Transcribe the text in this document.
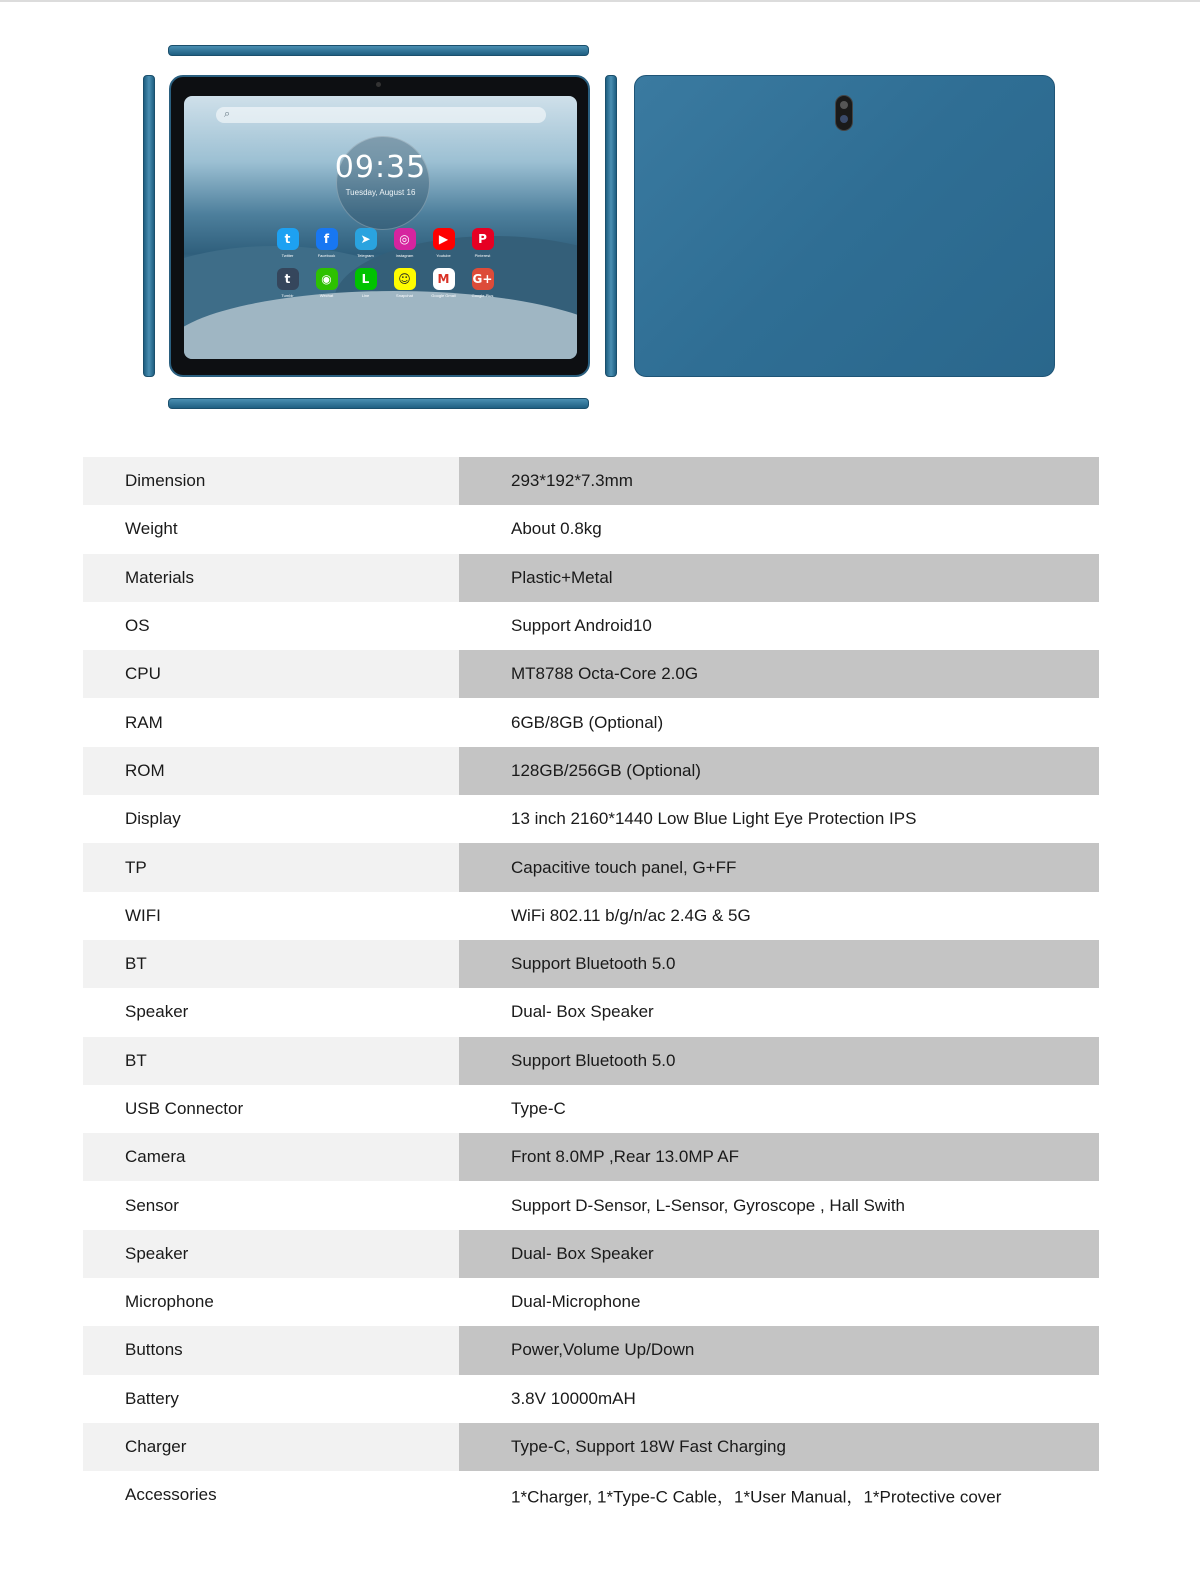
⌕
09:35
Tuesday, August 16
t
Twitter
f
Facebook
➤
Telegram
◎
Instagram
▶
Youtube
P
Pinterest
t
Tumblr
◉
Wechat
L
Line
☺
Snapchat
M
Google Gmail
G+
Google Plus
Dimension	293*192*7.3mm
Weight	About 0.8kg
Materials	Plastic+Metal
OS	Support Android10
CPU	MT8788 Octa-Core 2.0G
RAM	6GB/8GB (Optional)
ROM	128GB/256GB (Optional)
Display	13 inch 2160*1440 Low Blue Light Eye Protection IPS
TP	Capacitive touch panel, G+FF
WIFI	WiFi 802.11 b/g/n/ac 2.4G & 5G
BT	Support Bluetooth 5.0
Speaker	Dual- Box Speaker
BT	Support Bluetooth 5.0
USB Connector	Type-C
Camera	Front 8.0MP ,Rear 13.0MP AF
Sensor	Support D-Sensor, L-Sensor, Gyroscope , Hall Swith
Speaker	Dual- Box Speaker
Microphone	Dual-Microphone
Buttons	Power,Volume Up/Down
Battery	3.8V 10000mAH
Charger	Type-C, Support 18W Fast Charging
Accessories	1*Charger, 1*Type-C Cable，1*User Manual，1*Protective cover
